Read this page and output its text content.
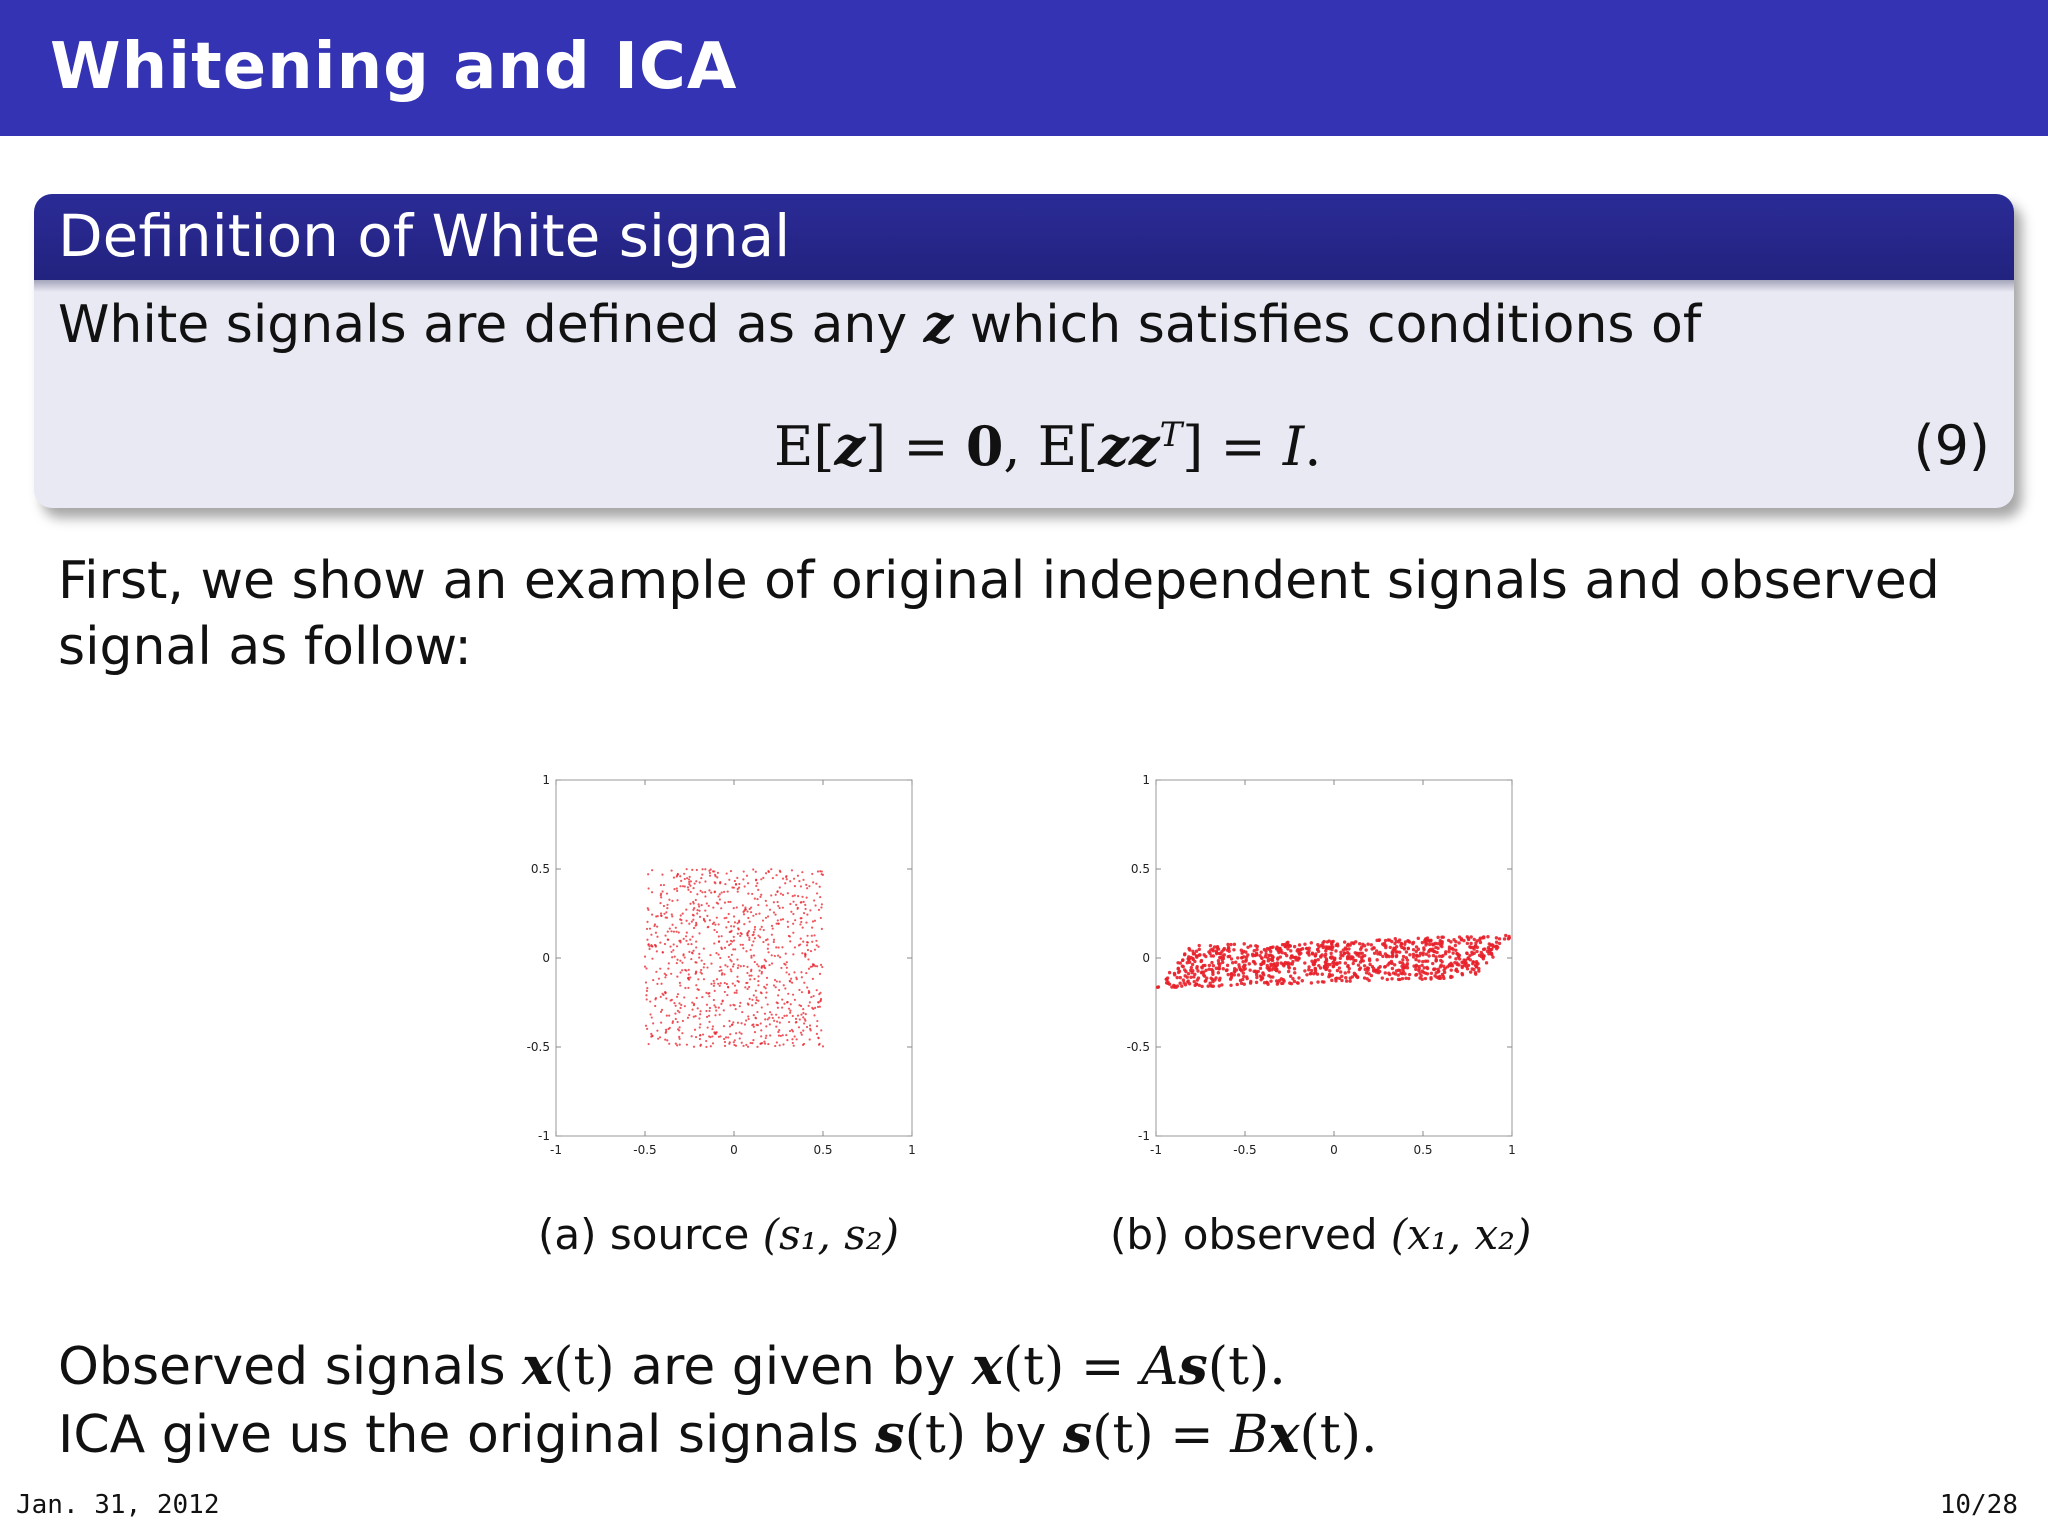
Whitening and ICA
Definition of White signal
White signals are defined as any z which satisfies conditions of
E[z] = 0, $E[zz^T] = I$.	(9)
First, we show an example of original independent signals and observed signal as follow:
-1	-0.5	0	0.5	1
1
0.5
0
-0.5
-1
(a) source (s₁, s₂)
-1	-0.5	0	0.5	1
1
0.5
0
-0.5
-1
(b) observed (x₁, x₂)
Observed signals x(t) are given by x(t) = As(t).
ICA give us the original signals s(t) by s(t) = Bx(t).
Jan. 31, 2012	10/28
